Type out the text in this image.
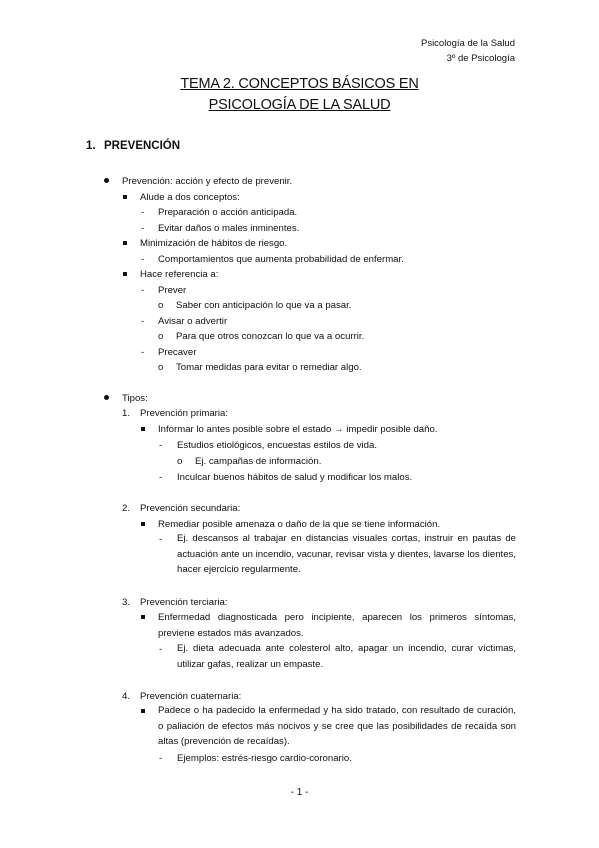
Psicología de la Salud
3º de Psicología
TEMA 2. CONCEPTOS BÁSICOS EN
PSICOLOGÍA DE LA SALUD
1. PREVENCIÓN
Prevención: acción y efecto de prevenir.
Alude a dos conceptos:
- Preparación o acción anticipada.
- Evitar daños o males inminentes.
Minimización de hábitos de riesgo.
- Comportamientos que aumenta probabilidad de enfermar.
Hace referencia a:
- Prever
o Saber con anticipación lo que va a pasar.
- Avisar o advertir
o Para que otros conozcan lo que va a ocurrir.
- Precaver
o Tomar medidas para evitar o remediar algo.
Tipos:
1. Prevención primaria:
Informar lo antes posible sobre el estado → impedir posible daño.
- Estudios etiológicos, encuestas estilos de vida.
o Ej. campañas de información.
- Inculcar buenos hábitos de salud y modificar los malos.
2. Prevención secundaria:
Remediar posible amenaza o daño de la que se tiene información.
- Ej. descansos al trabajar en distancias visuales cortas, instruir en pautas de actuación ante un incendio, vacunar, revisar vista y dientes, lavarse los dientes, hacer ejercicio regularmente.
3. Prevención terciaria:
Enfermedad diagnosticada pero incipiente, aparecen los primeros síntomas, previene estados más avanzados.
- Ej. dieta adecuada ante colesterol alto, apagar un incendio, curar víctimas, utilizar gafas, realizar un empaste.
4. Prevención cuaternaria:
Padece o ha padecido la enfermedad y ha sido tratado, con resultado de curación, o paliación de efectos más nocivos y se cree que las posibilidades de recaída son altas (prevención de recaídas).
- Ejemplos: estrés-riesgo cardio-coronario.
- 1 -
